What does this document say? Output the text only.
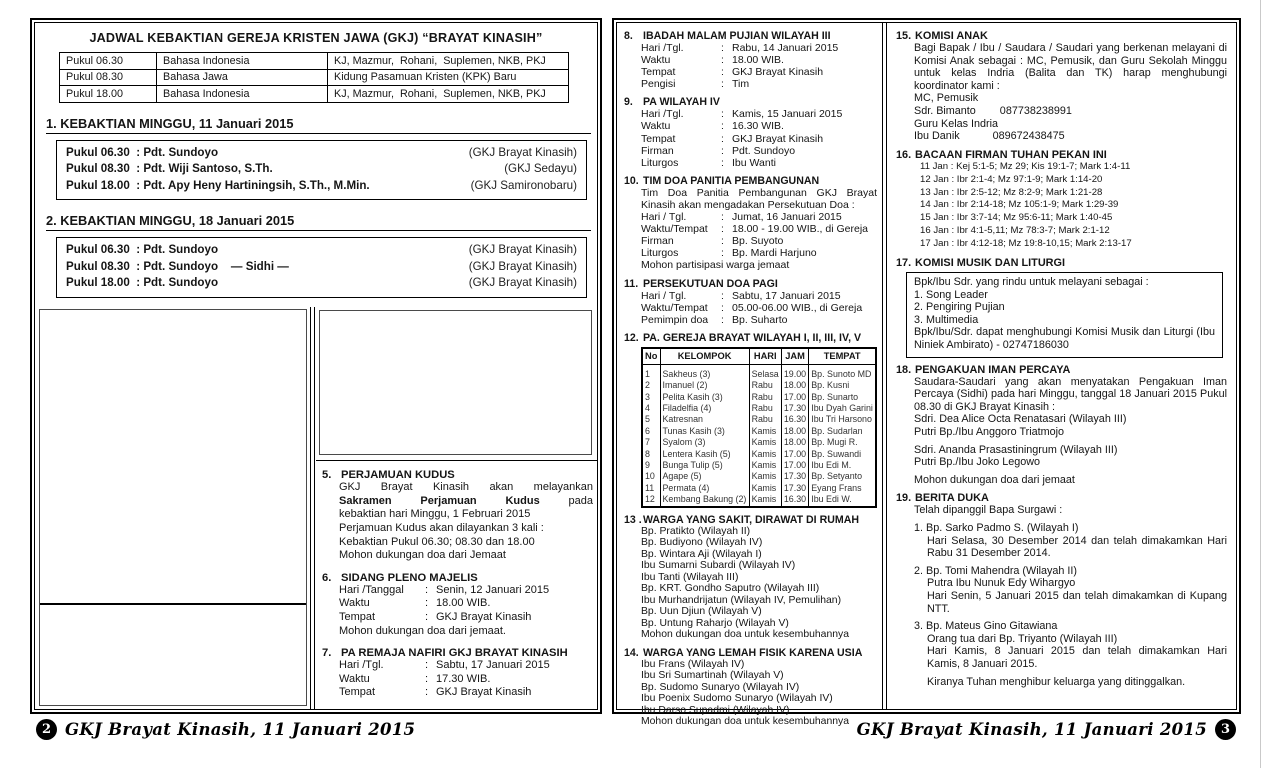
JADWAL KEBAKTIAN GEREJA KRISTEN JAWA (GKJ) “BRAYAT KINASIH”
Pukul 06.30	Bahasa Indonesia	KJ, Mazmur,  Rohani,  Suplemen, NKB, PKJ
Pukul 08.30	Bahasa Jawa	Kidung Pasamuan Kristen (KPK) Baru
Pukul 18.00	Bahasa Indonesia	KJ, Mazmur,  Rohani,  Suplemen, NKB, PKJ
1. KEBAKTIAN MINGGU, 11 Januari 2015
Pukul 06.30  : Pdt. Sundoyo	(GKJ Brayat Kinasih)
Pukul 08.30  : Pdt. Wiji Santoso, S.Th.	(GKJ Sedayu)
Pukul 18.00  : Pdt. Apy Heny Hartiningsih, S.Th., M.Min.	(GKJ Samironobaru)
2. KEBAKTIAN MINGGU, 18 Januari 2015
Pukul 06.30  : Pdt. Sundoyo	(GKJ Brayat Kinasih)
Pukul 08.30  : Pdt. Sundoyo    — Sidhi —	(GKJ Brayat Kinasih)
Pukul 18.00  : Pdt. Sundoyo	(GKJ Brayat Kinasih)
5. PERJAMUAN KUDUS
GKJ Brayat Kinasih akan melayankan
Sakramen Perjamuan Kudus pada
kebaktian hari Minggu, 1 Februari 2015
Perjamuan Kudus akan dilayankan 3 kali :
Kebaktian Pukul 06.30; 08.30 dan 18.00
Mohon dukungan doa dari Jemaat
6. SIDANG PLENO MAJELIS
Hari /Tanggal	: Senin, 12 Januari 2015
Waktu	: 18.00 WIB.
Tempat	: GKJ Brayat Kinasih
Mohon dukungan doa dari jemaat.
7. PA REMAJA NAFIRI GKJ BRAYAT KINASIH
Hari /Tgl.	: Sabtu, 17 Januari 2015
Waktu	: 17.30 WIB.
Tempat	: GKJ Brayat Kinasih
8. IBADAH MALAM PUJIAN WILAYAH III
Hari /Tgl.	: Rabu, 14 Januari 2015
Waktu	: 18.00 WIB.
Tempat	: GKJ Brayat Kinasih
Pengisi	: Tim
9. PA WILAYAH IV
Hari /Tgl.	: Kamis, 15 Januari 2015
Waktu	: 16.30 WIB.
Tempat	: GKJ Brayat Kinasih
Firman	: Pdt. Sundoyo
Liturgos	: Ibu Wanti
10. TIM DOA PANITIA PEMBANGUNAN
Tim Doa Panitia Pembangunan GKJ Brayat Kinasih akan mengadakan Persekutuan Doa :
Hari / Tgl.	: Jumat, 16 Januari 2015
Waktu/Tempat	: 18.00 - 19.00 WIB., di Gereja
Firman	: Bp. Suyoto
Liturgos	: Bp. Mardi Harjuno
Mohon partisipasi warga jemaat
11. PERSEKUTUAN DOA PAGI
Hari / Tgl.	: Sabtu, 17 Januari 2015
Waktu/Tempat	: 05.00-06.00 WIB., di Gereja
Pemimpin doa	: Bp. Suharto
12. PA. GEREJA BRAYAT WILAYAH I, II, III, IV, V
No	KELOMPOK	HARI	JAM	TEMPAT
1	Sakheus (3)	Selasa	19.00	Bp. Sunoto MD
2	Imanuel (2)	Rabu	18.00	Bp. Kusni
3	Pelita Kasih (3)	Rabu	17.00	Bp. Sunarto
4	Filadelfia (4)	Rabu	17.30	Ibu Dyah Garini
5	Katresnan	Rabu	16.30	Ibu Tri Harsono
6	Tunas Kasih (3)	Kamis	18.00	Bp. Sudarlan
7	Syalom (3)	Kamis	18.00	Bp. Mugi R.
8	Lentera Kasih (5)	Kamis	17.00	Bp. Suwandi
9	Bunga Tulip (5)	Kamis	17.00	Ibu Edi M.
10	Agape (5)	Kamis	17.30	Bp. Setyanto
11	Permata (4)	Kamis	17.30	Eyang Frans
12	Kembang Bakung (2)	Kamis	16.30	Ibu Edi W.
13 . WARGA YANG SAKIT, DIRAWAT DI RUMAH
Bp. Pratikto (Wilayah II)
Bp. Budiyono (Wilayah IV)
Bp. Wintara Aji (Wilayah I)
Ibu Sumarni Subardi (Wilayah IV)
Ibu Tanti (Wilayah III)
Bp. KRT. Gondho Saputro (Wilayah III)
Ibu Murhandrijatun (Wilayah IV, Pemulihan)
Bp. Uun Djiun (Wilayah V)
Bp. Untung Raharjo (Wilayah V)
Mohon dukungan doa untuk kesembuhannya
14. WARGA YANG LEMAH FISIK KARENA USIA
Ibu Frans (Wilayah IV)
Ibu Sri Sumartinah (Wilayah V)
Bp. Sudomo Sunaryo (Wilayah IV)
Ibu Poenix Sudomo Sunaryo (Wilayah IV)
Ibu Darso Supadmi (Wilayah IV)
Mohon dukungan doa untuk kesembuhannya
15. KOMISI ANAK
Bagi Bapak / Ibu / Saudara / Saudari yang berkenan melayani di Komisi Anak sebagai : MC, Pemusik, dan Guru Sekolah Minggu untuk kelas Indria (Balita dan TK) harap menghubungi koordinator kami :
MC, Pemusik
Sdr. Bimanto        087738238991
Guru Kelas Indria
Ibu Danik           089672438475
16. BACAAN FIRMAN TUHAN PEKAN INI
11 Jan : Kej 5:1-5; Mz 29; Kis 19:1-7; Mark 1:4-11
12 Jan : Ibr 2:1-4; Mz 97:1-9; Mark 1:14-20
13 Jan : Ibr 2:5-12; Mz 8:2-9; Mark 1:21-28
14 Jan : Ibr 2:14-18; Mz 105:1-9; Mark 1:29-39
15 Jan : Ibr 3:7-14; Mz 95:6-11; Mark 1:40-45
16 Jan : Ibr 4:1-5,11; Mz 78:3-7; Mark 2:1-12
17 Jan : Ibr 4:12-18; Mz 19:8-10,15; Mark 2:13-17
17. KOMISI MUSIK DAN LITURGI
Bpk/Ibu Sdr. yang rindu untuk melayani sebagai :
1. Song Leader
2. Pengiring Pujian
3. Multimedia
Bpk/Ibu/Sdr. dapat menghubungi Komisi Musik dan Liturgi (Ibu Niniek Ambirato) - 02747186030
18. PENGAKUAN IMAN PERCAYA
Saudara-Saudari yang akan menyatakan Pengakuan Iman Percaya (Sidhi) pada hari Minggu, tanggal 18 Januari 2015 Pukul 08.30 di GKJ Brayat Kinasih :
Sdri. Dea Alice Octa Renatasari (Wilayah III)
Putri Bp./Ibu Anggoro Triatmojo
Sdri. Ananda Prasastiningrum (Wilayah III)
Putri Bp./Ibu Joko Legowo
Mohon dukungan doa dari jemaat
19. BERITA DUKA
Telah dipanggil Bapa Surgawi :
1. Bp. Sarko Padmo S. (Wilayah I)
Hari Selasa, 30 Desember 2014 dan telah dimakamkan Hari Rabu 31 Desember 2014.
2. Bp. Tomi Mahendra (Wilayah II)
Putra Ibu Nunuk Edy Wihargyo
Hari Senin, 5 Januari 2015 dan telah dimakamkan di Kupang NTT.
3. Bp. Mateus Gino Gitawiana
Orang tua dari Bp. Triyanto (Wilayah III)
Hari Kamis, 8 Januari 2015 dan telah dimakamkan Hari Kamis, 8 Januari 2015.
Kiranya Tuhan menghibur keluarga yang ditinggalkan.
2 GKJ Brayat Kinasih, 11 Januari 2015	GKJ Brayat Kinasih, 11 Januari 2015	3
